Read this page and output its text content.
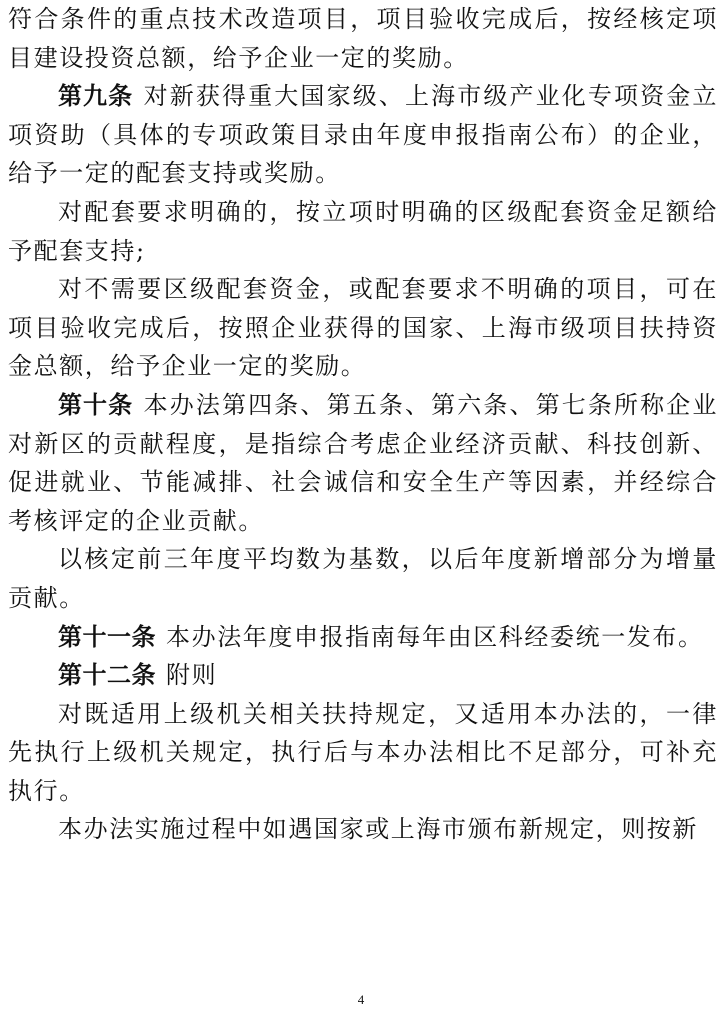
符合条件的重点技术改造项目，项目验收完成后，按经核定项目建设投资总额，给予企业一定的奖励。

第九条 对新获得重大国家级、上海市级产业化专项资金立项资助（具体的专项政策目录由年度申报指南公布）的企业，给予一定的配套支持或奖励。

对配套要求明确的，按立项时明确的区级配套资金足额给予配套支持;

对不需要区级配套资金，或配套要求不明确的项目，可在项目验收完成后，按照企业获得的国家、上海市级项目扶持资金总额，给予企业一定的奖励。

第十条 本办法第四条、第五条、第六条、第七条所称企业对新区的贡献程度，是指综合考虑企业经济贡献、科技创新、促进就业、节能减排、社会诚信和安全生产等因素，并经综合考核评定的企业贡献。

以核定前三年度平均数为基数，以后年度新增部分为增量贡献。

第十一条 本办法年度申报指南每年由区科经委统一发布。

第十二条 附则

对既适用上级机关相关扶持规定，又适用本办法的，一律先执行上级机关规定，执行后与本办法相比不足部分，可补充执行。

本办法实施过程中如遇国家或上海市颁布新规定，则按新

4
